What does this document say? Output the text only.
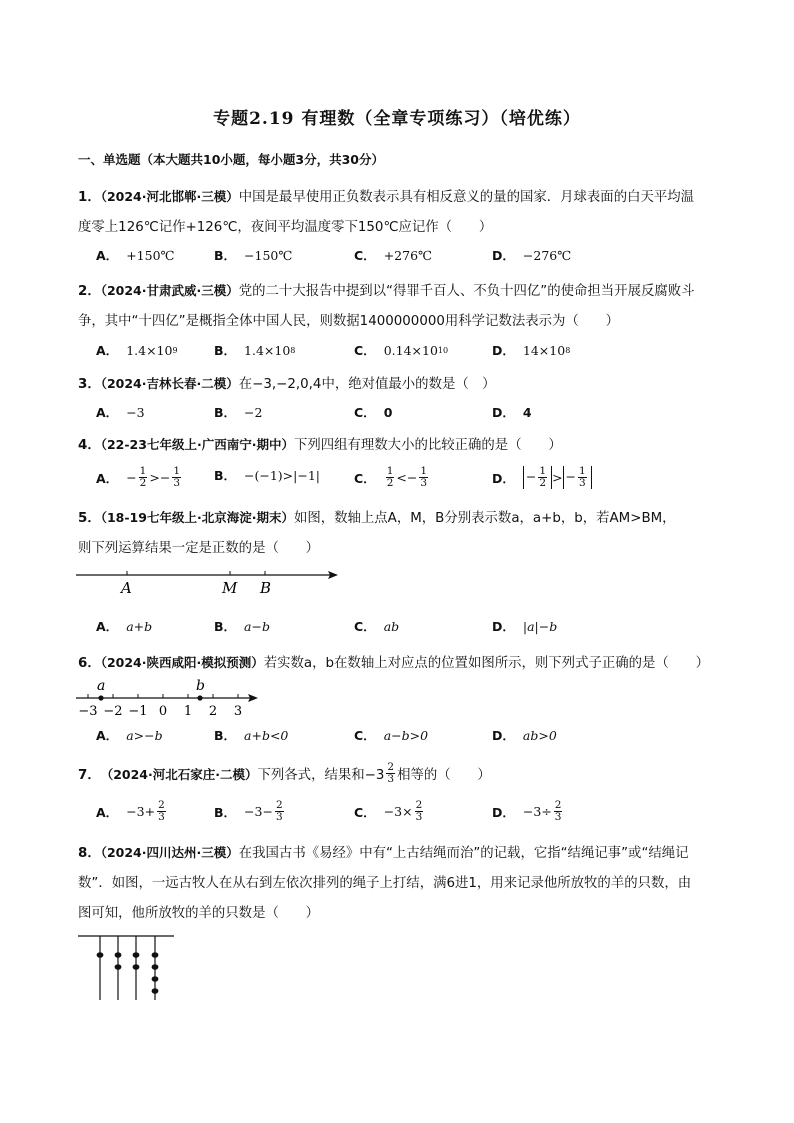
专题2.19 有理数（全章专项练习）（培优练）
一、单选题（本大题共10小题，每小题3分，共30分）
1．（2024·河北邯郸·三模）中国是最早使用正负数表示具有相反意义的量的国家．月球表面的白天平均温
度零上126℃记作+126℃，夜间平均温度零下150℃应记作（　　）
A． +150℃	B． −150℃	C． +276℃	D． −276℃
2．（2024·甘肃武威·三模）党的二十大报告中提到以“得罪千百人、不负十四亿”的使命担当开展反腐败斗
争，其中“十四亿”是概指全体中国人民，则数据1400000000用科学记数法表示为（　　）
A． 1.4×10 9	B． 1.4×10 8	C． 0.14×10 10	D． 14×10 8
3．（2024·吉林长春·二模）在−3,−2,0,4中，绝对值最小的数是（　）
A． −3	B． −2	C． 0	D． 4
4．（22-23七年级上·广西南宁·期中）下列四组有理数大小的比较正确的是（　　）
A． − $\frac{1}{2} >- \frac{1}{3}$	B． −(−1)>|−1|	C． $\frac{1}{2} <- \frac{1}{3}$	D． − $\frac{1}{2}$ > − $\frac{1}{3}$
5．（18-19七年级上·北京海淀·期末）如图，数轴上点A，M，B分别表示数a，a+b，b，若AM>BM，
则下列运算结果一定是正数的是（　　）
A	M B
A． a+b	B． a−b	C． ab	D． |a|−b
6．（2024·陕西咸阳·模拟预测）若实数a，b在数轴上对应点的位置如图所示，则下列式子正确的是（　　）
a	b
−3 −2 −1 0 1 2 3
A． a>−b	B． a+b<0	C． a−b>0	D． ab>0
7． （2024·河北石家庄·二模） 下列各式，结果和$-3 \frac{2}{3}$ 相等的（　　）
A． $-3+ \frac{2}{3}$	B． $-3- \frac{2}{3}$	C． $-3\times \frac{2}{3}$	D． $-3\div \frac{2}{3}$
8．（2024·四川达州·三模）在我国古书《易经》中有“上古结绳而治”的记载，它指“结绳记事”或“结绳记
数”．如图，一远古牧人在从右到左依次排列的绳子上打结，满6进1，用来记录他所放牧的羊的只数，由
图可知，他所放牧的羊的只数是（　　）
